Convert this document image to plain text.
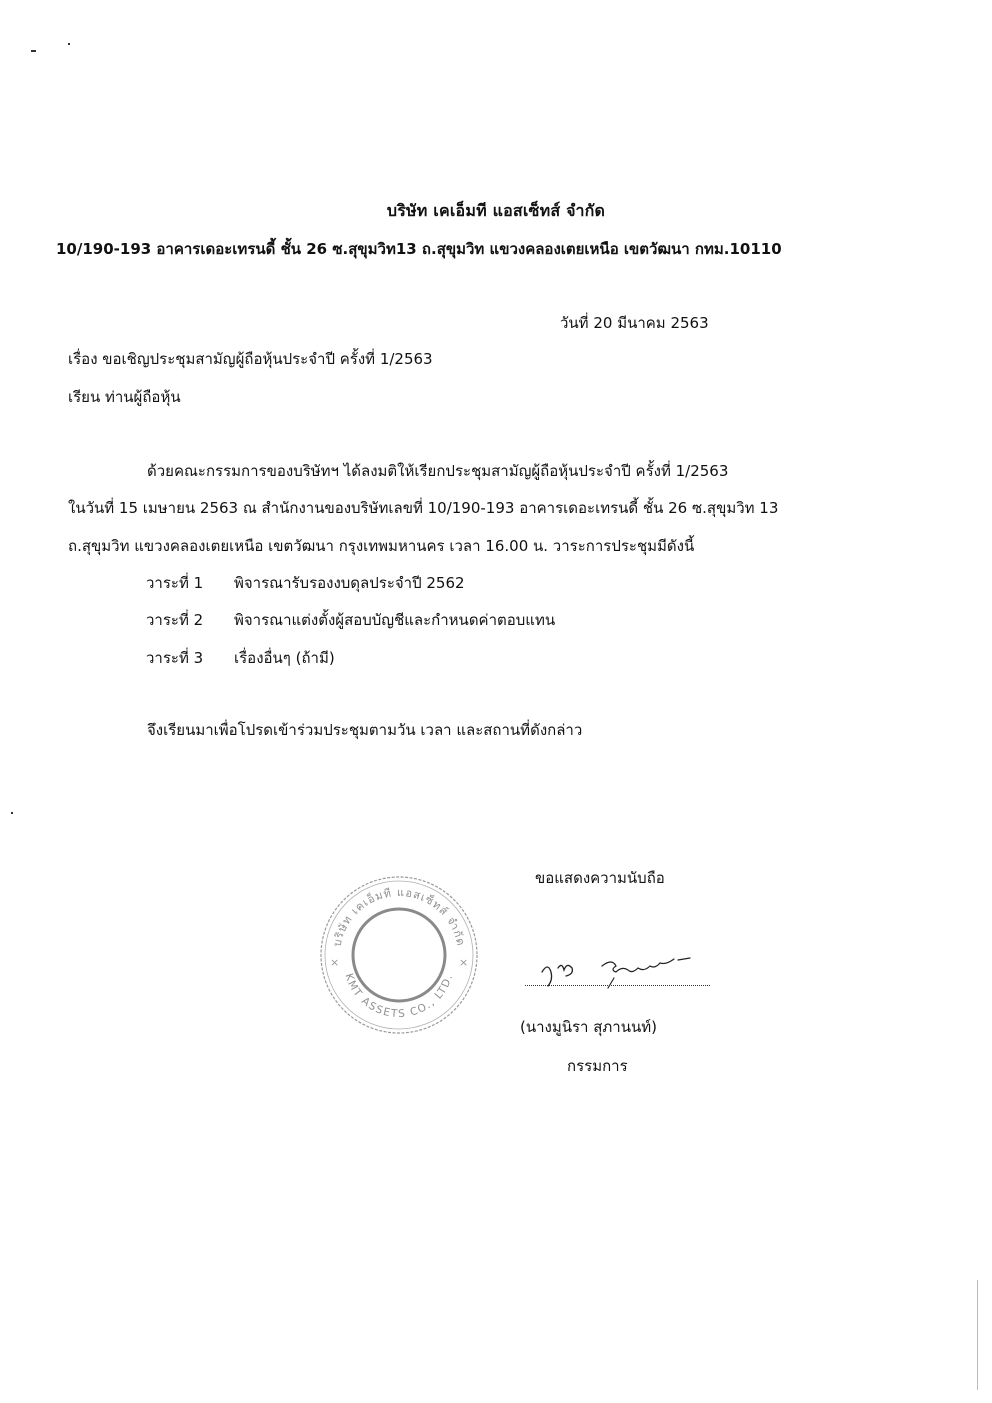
บริษัท เคเอ็มที แอสเซ็ทส์ จำกัด
10/190-193 อาคารเดอะเทรนดี้ ชั้น 26 ซ.สุขุมวิท13 ถ.สุขุมวิท แขวงคลองเตยเหนือ เขตวัฒนา กทม.10110
วันที่ 20 มีนาคม 2563
เรื่อง ขอเชิญประชุมสามัญผู้ถือหุ้นประจำปี ครั้งที่ 1/2563
เรียน ท่านผู้ถือหุ้น
ด้วยคณะกรรมการของบริษัทฯ ได้ลงมติให้เรียกประชุมสามัญผู้ถือหุ้นประจำปี ครั้งที่ 1/2563
ในวันที่ 15 เมษายน 2563 ณ สำนักงานของบริษัทเลขที่ 10/190-193 อาคารเดอะเทรนดี้ ชั้น 26 ซ.สุขุมวิท 13
ถ.สุขุมวิท แขวงคลองเตยเหนือ เขตวัฒนา กรุงเทพมหานคร เวลา 16.00 น. วาระการประชุมมีดังนี้
วาระที่ 1 พิจารณารับรองงบดุลประจำปี 2562
วาระที่ 2 พิจารณาแต่งตั้งผู้สอบบัญชีและกำหนดค่าตอบแทน
วาระที่ 3 เรื่องอื่นๆ (ถ้ามี)
จึงเรียนมาเพื่อโปรดเข้าร่วมประชุมตามวัน เวลา และสถานที่ดังกล่าว
ขอแสดงความนับถือ
บริษัท เคเอ็มที แอสเซ็ทส์ จำกัด
KMT ASSETS CO., LTD.
×	×
(นางมูนิรา สุภานนท์)
กรรมการ
